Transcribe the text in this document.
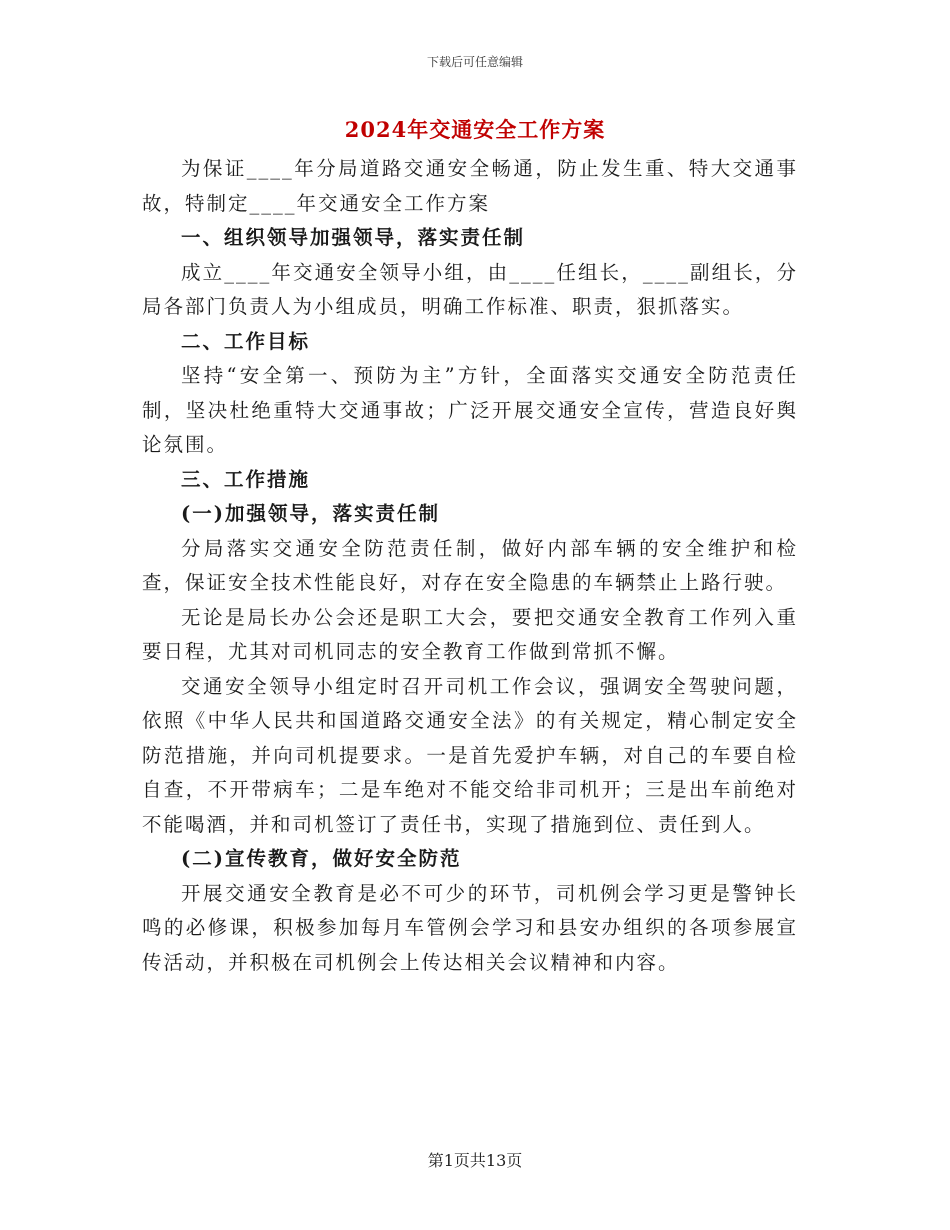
下载后可任意编辑
2024年交通安全工作方案

为保证____年分局道路交通安全畅通，防止发生重、特大交通事故，特制定____年交通安全工作方案

一、组织领导加强领导，落实责任制

成立____年交通安全领导小组，由____任组长，____副组长，分局各部门负责人为小组成员，明确工作标准、职责，狠抓落实。

二、工作目标

坚持“安全第一、预防为主”方针，全面落实交通安全防范责任制，坚决杜绝重特大交通事故；广泛开展交通安全宣传，营造良好舆论氛围。

三、工作措施
(一)加强领导，落实责任制

分局落实交通安全防范责任制，做好内部车辆的安全维护和检查，保证安全技术性能良好，对存在安全隐患的车辆禁止上路行驶。

无论是局长办公会还是职工大会，要把交通安全教育工作列入重要日程，尤其对司机同志的安全教育工作做到常抓不懈。

交通安全领导小组定时召开司机工作会议，强调安全驾驶问题，依照《中华人民共和国道路交通安全法》的有关规定，精心制定安全防范措施，并向司机提要求。一是首先爱护车辆，对自己的车要自检自查，不开带病车；二是车绝对不能交给非司机开；三是出车前绝对不能喝酒，并和司机签订了责任书，实现了措施到位、责任到人。

(二)宣传教育，做好安全防范

开展交通安全教育是必不可少的环节，司机例会学习更是警钟长鸣的必修课，积极参加每月车管例会学习和县安办组织的各项参展宣传活动，并积极在司机例会上传达相关会议精神和内容。

第1页共13页
